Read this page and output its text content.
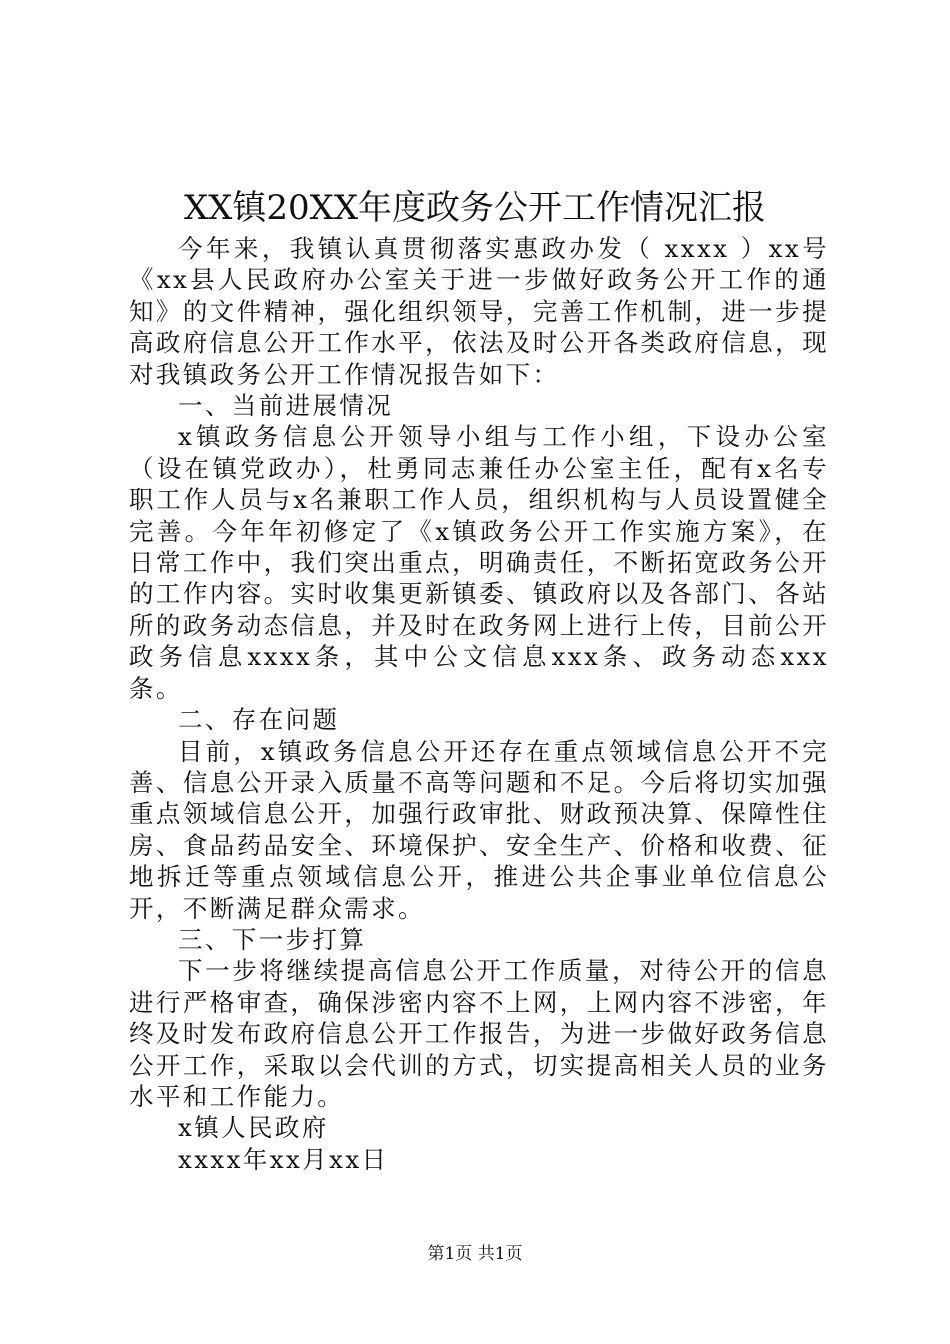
XX镇20XX年度政务公开工作情况汇报

今年来，我镇认真贯彻落实惠政办发（ xxxx ）xx号《xx县人民政府办公室关于进一步做好政务公开工作的通知》的文件精神，强化组织领导，完善工作机制，进一步提高政府信息公开工作水平，依法及时公开各类政府信息，现对我镇政务公开工作情况报告如下：

一、当前进展情况

x镇政务信息公开领导小组与工作小组，下设办公室（设在镇党政办），杜勇同志兼任办公室主任，配有x名专职工作人员与x名兼职工作人员，组织机构与人员设置健全完善。今年年初修定了《x镇政务公开工作实施方案》，在日常工作中，我们突出重点，明确责任，不断拓宽政务公开的工作内容。实时收集更新镇委、镇政府以及各部门、各站所的政务动态信息，并及时在政务网上进行上传，目前公开政务信息xxxx条，其中公文信息xxx条、政务动态xxx条。

二、存在问题

目前，x镇政务信息公开还存在重点领域信息公开不完善、信息公开录入质量不高等问题和不足。今后将切实加强重点领域信息公开，加强行政审批、财政预决算、保障性住房、食品药品安全、环境保护、安全生产、价格和收费、征地拆迁等重点领域信息公开，推进公共企事业单位信息公开，不断满足群众需求。

三、下一步打算

下一步将继续提高信息公开工作质量，对待公开的信息进行严格审查，确保涉密内容不上网，上网内容不涉密，年终及时发布政府信息公开工作报告，为进一步做好政务信息公开工作，采取以会代训的方式，切实提高相关人员的业务水平和工作能力。

x镇人民政府

xxxx年xx月xx日

第1页 共1页
